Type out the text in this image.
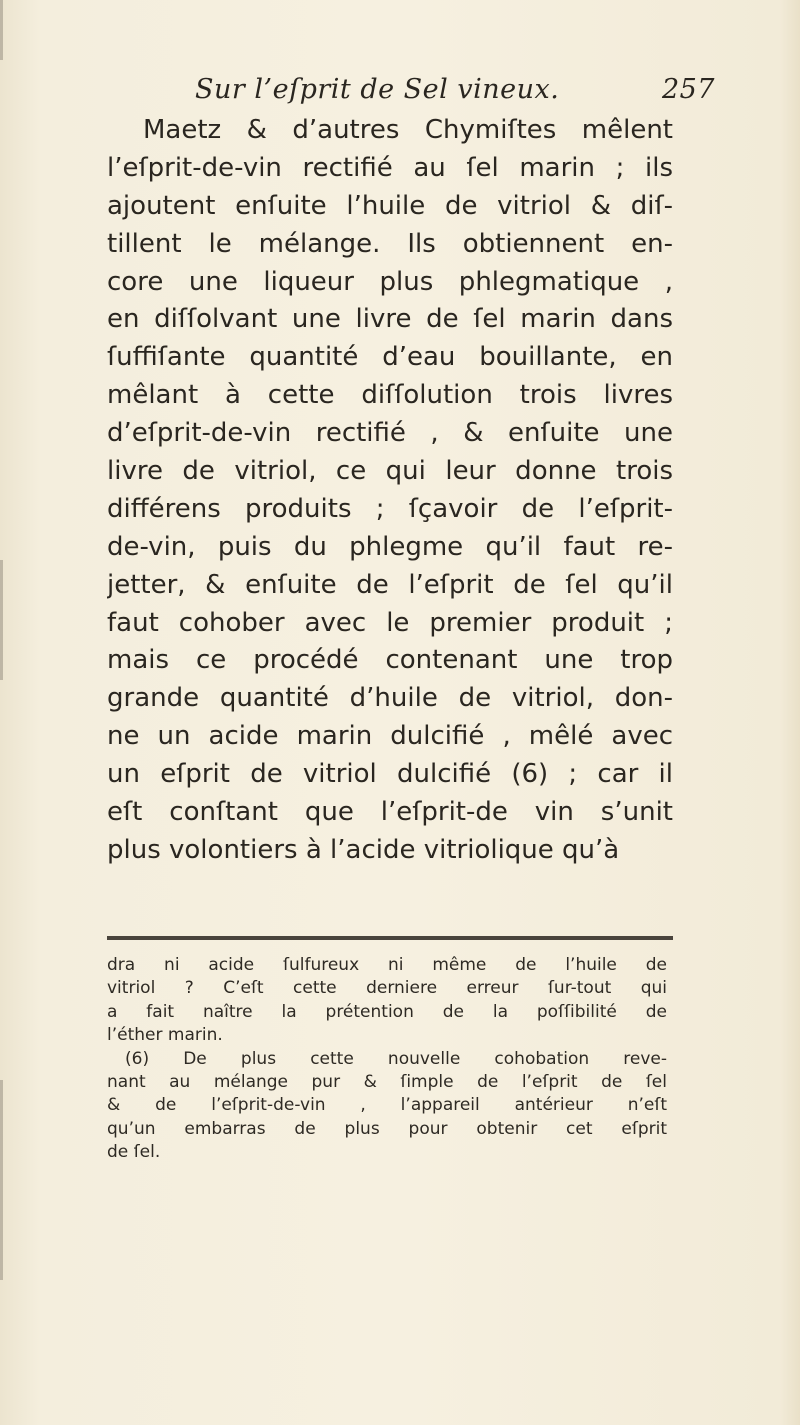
Sur l’eſprit de Sel vineux.	257
Maetz & d’autres Chymiſtes mêlent
l’eſprit-de-vin rectifié au ſel marin ; ils
ajoutent enſuite l’huile de vitriol & diſ-
tillent le mélange. Ils obtiennent en-
core une liqueur plus phlegmatique ,
en diſſolvant une livre de ſel marin dans
ſuffiſante quantité d’eau bouillante, en
mêlant à cette diſſolution trois livres
d’eſprit-de-vin rectifié , & enſuite une
livre de vitriol, ce qui leur donne trois
différens produits ; ſçavoir de l’eſprit-
de-vin, puis du phlegme qu’il faut re-
jetter, & enſuite de l’eſprit de ſel qu’il
faut cohober avec le premier produit ;
mais ce procédé contenant une trop
grande quantité d’huile de vitriol, don-
ne un acide marin dulcifié , mêlé avec
un eſprit de vitriol dulcifié (6) ; car il
eſt conſtant que l’eſprit-de vin s’unit
plus volontiers à l’acide vitriolique qu’à
dra ni acide ſulfureux ni même de l’huile de
vitriol ? C’eſt cette derniere erreur ſur-tout qui
a fait naître la prétention de la poſſibilité de
l’éther marin.
(6) De plus cette nouvelle cohobation reve-
nant au mélange pur & ſimple de l’eſprit de ſel
& de l’eſprit-de-vin , l’appareil antérieur n’eſt
qu’un embarras de plus pour obtenir cet eſprit
de ſel.
